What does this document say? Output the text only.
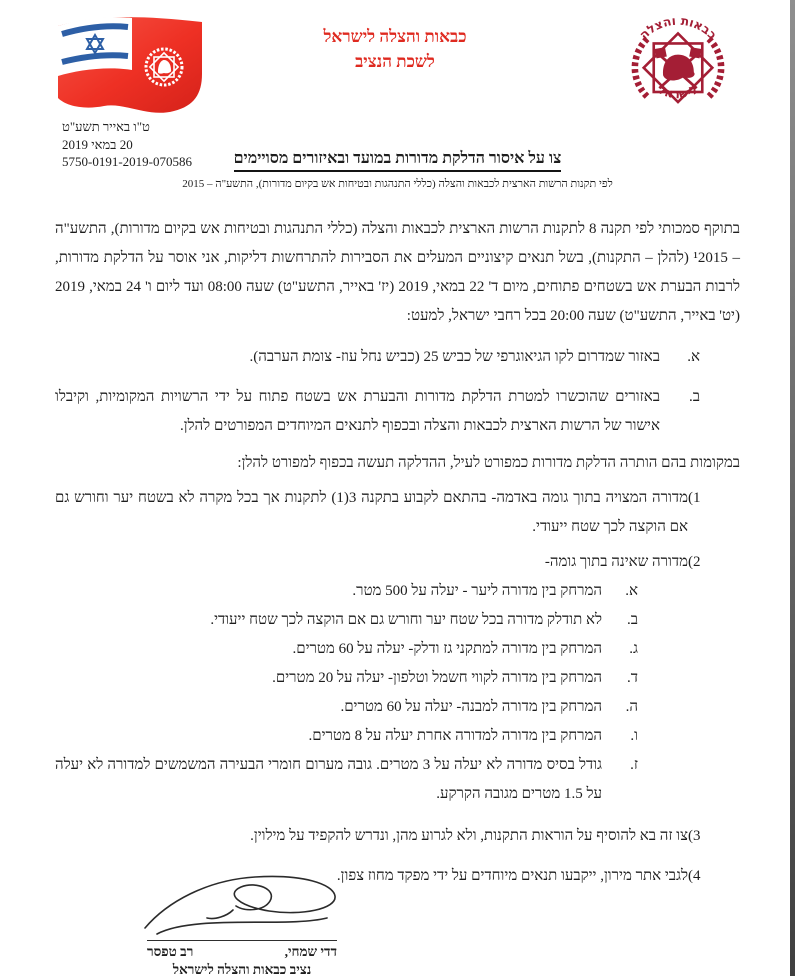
כבאות והצלה לישראל
לשכת הנציב
כבאות והצלה
לישראל
ט"ו באייר תשע"ט
20 במאי 2019
5750-0191-2019-070586	צו על איסור הדלקת מדורות במועד ובאיזורים מסויימים
לפי תקנות הרשות הארצית לכבאות והצלה (כללי התנהגות ובטיחות אש בקיום מדורות), התשע"ה – 2015

בתוקף סמכותי לפי תקנה 8 לתקנות הרשות הארצית לכבאות והצלה (כללי התנהגות ובטיחות אש בקיום מדורות), התשע"ה – ¹2015 (להלן – התקנות), בשל תנאים קיצוניים המעלים את הסבירות להתרחשות דליקות, אני אוסר על הדלקת מדורות, לרבות הבערת אש בשטחים פתוחים, מיום ד' 22 במאי, 2019 (יז' באייר, התשע"ט) שעה 08:00 ועד ליום ו' 24 במאי, 2019 (יט' באייר, התשע"ט) שעה 20:00 בכל רחבי ישראל, למעט:

א.
באזור שמדרום לקו הגיאוגרפי של כביש 25 (כביש נחל עוז- צומת הערבה).
ב.
באזורים שהוכשרו למטרת הדלקת מדורות והבערת אש בשטח פתוח על ידי הרשויות המקומיות, וקיבלו אישור של הרשות הארצית לכבאות והצלה ובכפוף לתנאים המיוחדים המפורטים להלן.

במקומות בהם הותרה הדלקת מדורות כמפורט לעיל, ההדלקה תעשה בכפוף למפורט להלן:

(1
מדורה המצויה בתוך גומה באדמה- בהתאם לקבוע בתקנה 3(1) לתקנות אך בכל מקרה לא בשטח יער וחורש גם אם הוקצה לכך שטח ייעודי.
(2
מדורה שאינה בתוך גומה-
א.
המרחק בין מדורה ליער - יעלה על 500 מטר.
ב.
לא תודלק מדורה בכל שטח יער וחורש גם אם הוקצה לכך שטח ייעודי.
ג.
המרחק בין מדורה למתקני גז ודלק- יעלה על 60 מטרים.
ד.
המרחק בין מדורה לקווי חשמל וטלפון- יעלה על 20 מטרים.
ה.
המרחק בין מדורה למבנה- יעלה על 60 מטרים.
ו.
המרחק בין מדורה למדורה אחרת יעלה על 8 מטרים.
ז.
גודל בסיס מדורה לא יעלה על 3 מטרים. גובה מערום חומרי הבעירה המשמשים למדורה לא יעלה על 1.5 מטרים מגובה הקרקע.
(3
צו זה בא להוסיף על הוראות התקנות, ולא לגרוע מהן, ונדרש להקפיד על מילוין.
(4
לגבי אתר מירון, ייקבעו תנאים מיוחדים על ידי מפקד מחוז צפון.
דדי שמחי,
רב טפסר
נציב כבאות והצלה לישראל
